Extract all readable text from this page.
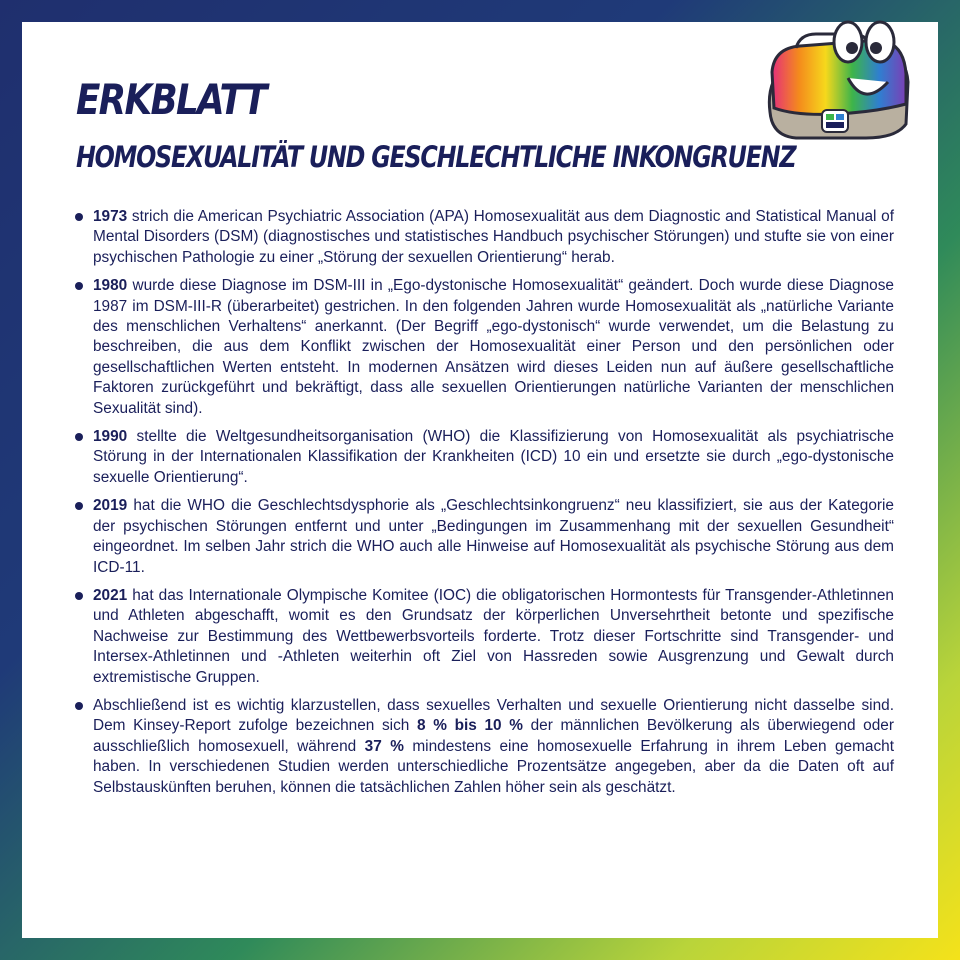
ERKBLATT
HOMOSEXUALITÄT UND GESCHLECHTLICHE INKONGRUENZ
1973 strich die American Psychiatric Association (APA) Homosexualität aus dem Diagnostic and Statistical Manual of Mental Disorders (DSM) (diagnostisches und statistisches Handbuch psychischer Störungen) und stufte sie von einer psychischen Pathologie zu einer „Störung der sexuellen Orientierung“ herab.
1980 wurde diese Diagnose im DSM-III in „Ego-dystonische Homosexualität“ geändert. Doch wurde diese Diagnose 1987 im DSM-III-R (überarbeitet) gestrichen. In den folgenden Jahren wurde Homosexualität als „natürliche Variante des menschlichen Verhaltens“ anerkannt. (Der Begriff „ego-dystonisch“ wurde verwendet, um die Belastung zu beschreiben, die aus dem Konflikt zwischen der Homosexualität einer Person und den persönlichen oder gesellschaftlichen Werten entsteht. In modernen Ansätzen wird dieses Leiden nun auf äußere gesellschaftliche Faktoren zurückgeführt und bekräftigt, dass alle sexuellen Orientierungen natürliche Varianten der menschlichen Sexualität sind).
1990 stellte die Weltgesundheitsorganisation (WHO) die Klassifizierung von Homosexualität als psychiatrische Störung in der Internationalen Klassifikation der Krankheiten (ICD) 10 ein und ersetzte sie durch „ego-dystonische sexuelle Orientierung“.
2019 hat die WHO die Geschlechtsdysphorie als „Geschlechtsinkongruenz“ neu klassifiziert, sie aus der Kategorie der psychischen Störungen entfernt und unter „Bedingungen im Zusammenhang mit der sexuellen Gesundheit“ eingeordnet. Im selben Jahr strich die WHO auch alle Hinweise auf Homosexualität als psychische Störung aus dem ICD-11.
2021 hat das Internationale Olympische Komitee (IOC) die obligatorischen Hormontests für Transgender-Athletinnen und Athleten abgeschafft, womit es den Grundsatz der körperlichen Unversehrtheit betonte und spezifische Nachweise zur Bestimmung des Wettbewerbsvorteils forderte. Trotz dieser Fortschritte sind Transgender- und Intersex-Athletinnen und -Athleten weiterhin oft Ziel von Hassreden sowie Ausgrenzung und Gewalt durch extremistische Gruppen.
Abschließend ist es wichtig klarzustellen, dass sexuelles Verhalten und sexuelle Orientierung nicht dasselbe sind. Dem Kinsey-Report zufolge bezeichnen sich 8 % bis 10 % der männlichen Bevölkerung als überwiegend oder ausschließlich homosexuell, während 37 % mindestens eine homosexuelle Erfahrung in ihrem Leben gemacht haben. In verschiedenen Studien werden unterschiedliche Prozentsätze angegeben, aber da die Daten oft auf Selbstauskünften beruhen, können die tatsächlichen Zahlen höher sein als geschätzt.
